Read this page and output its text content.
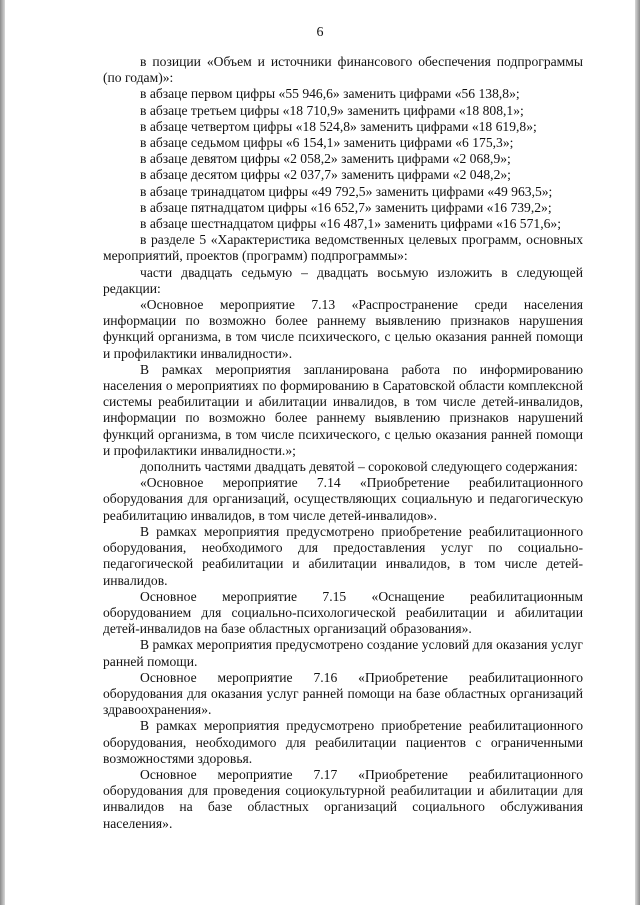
6

в позиции «Объем и источники финансового обеспечения подпрограммы (по годам)»:

в абзаце первом цифры «55 946,6» заменить цифрами «56 138,8»;

в абзаце третьем цифры «18 710,9» заменить цифрами «18 808,1»;

в абзаце четвертом цифры «18 524,8» заменить цифрами «18 619,8»;

в абзаце седьмом цифры «6 154,1» заменить цифрами «6 175,3»;

в абзаце девятом цифры «2 058,2» заменить цифрами «2 068,9»;

в абзаце десятом цифры «2 037,7» заменить цифрами «2 048,2»;

в абзаце тринадцатом цифры «49 792,5» заменить цифрами «49 963,5»;

в абзаце пятнадцатом цифры «16 652,7» заменить цифрами «16 739,2»;

в абзаце шестнадцатом цифры «16 487,1» заменить цифрами «16 571,6»;

в разделе 5 «Характеристика ведомственных целевых программ, основных мероприятий, проектов (программ) подпрограммы»:

части двадцать седьмую – двадцать восьмую изложить в следующей редакции:

«Основное мероприятие 7.13 «Распространение среди населения информации по возможно более раннему выявлению признаков нарушения функций организма, в том числе психического, с целью оказания ранней помощи и профилактики инвалидности».

В рамках мероприятия запланирована работа по информированию населения о мероприятиях по формированию в Саратовской области комплексной системы реабилитации и абилитации инвалидов, в том числе детей-инвалидов, информации по возможно более раннему выявлению признаков нарушений функций организма, в том числе психического, с целью оказания ранней помощи и профилактики инвалидности.»;

дополнить частями двадцать девятой – сороковой следующего содержания:

«Основное мероприятие 7.14 «Приобретение реабилитационного оборудования для организаций, осуществляющих социальную и педагогическую реабилитацию инвалидов, в том числе детей-инвалидов».

В рамках мероприятия предусмотрено приобретение реабилитационного оборудования, необходимого для предоставления услуг по социально-педагогической реабилитации и абилитации инвалидов, в том числе детей-инвалидов.

Основное мероприятие 7.15 «Оснащение реабилитационным оборудованием для социально-психологической реабилитации и абилитации детей-инвалидов на базе областных организаций образования».

В рамках мероприятия предусмотрено создание условий для оказания услуг ранней помощи.

Основное мероприятие 7.16 «Приобретение реабилитационного оборудования для оказания услуг ранней помощи на базе областных организаций здравоохранения».

В рамках мероприятия предусмотрено приобретение реабилитационного оборудования, необходимого для реабилитации пациентов с ограниченными возможностями здоровья.

Основное мероприятие 7.17 «Приобретение реабилитационного оборудования для проведения социокультурной реабилитации и абилитации для инвалидов на базе областных организаций социального обслуживания населения».
